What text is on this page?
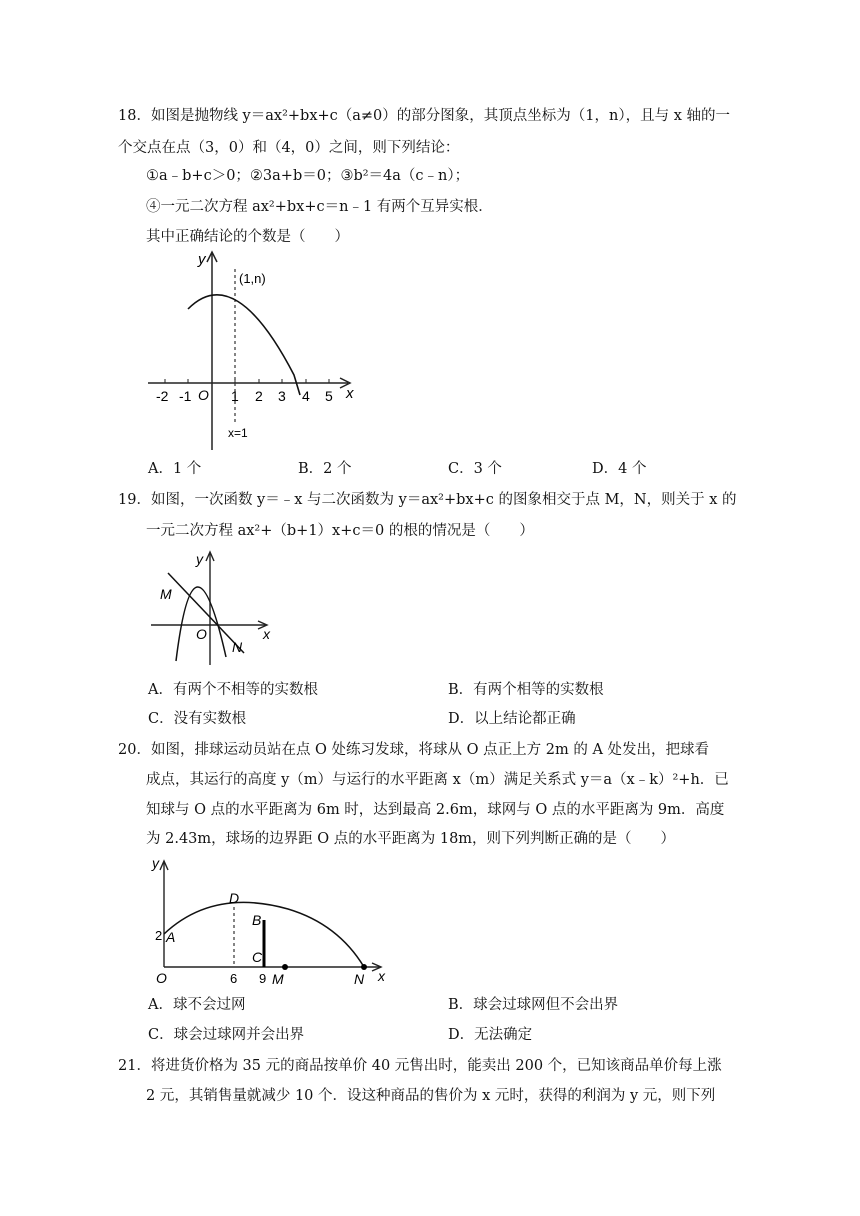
18．如图是抛物线 y＝ax²+bx+c（a≠0）的部分图象，其顶点坐标为（1，n），且与 x 轴的一
个交点在点（3，0）和（4，0）之间，则下列结论：
①a﹣b+c＞0；②3a+b＝0；③b²＝4a（c﹣n）；
④一元二次方程 ax²+bx+c＝n﹣1 有两个互异实根．
其中正确结论的个数是（　　）
y
x
O
(1,n)
x=1
-2 -1	1 2 3 4 5
A．1 个	B．2 个	C．3 个	D．4 个
19．如图，一次函数 y＝﹣x 与二次函数为 y＝ax²+bx+c 的图象相交于点 M，N，则关于 x 的
一元二次方程 ax²+（b+1）x+c＝0 的根的情况是（　　）
y
x
O
M
N
A．有两个不相等的实数根	B．有两个相等的实数根
C．没有实数根	D．以上结论都正确
20．如图，排球运动员站在点 O 处练习发球，将球从 O 点正上方 2m 的 A 处发出，把球看
成点，其运行的高度 y（m）与运行的水平距离 x（m）满足关系式 y＝a（x﹣k）²+h．已
知球与 O 点的水平距离为 6m 时，达到最高 2.6m，球网与 O 点的水平距离为 9m．高度
为 2.43m，球场的边界距 O 点的水平距离为 18m，则下列判断正确的是（　　）
y
x
O
2 A
D
B
C
6 9 M	N
A．球不会过网	B．球会过球网但不会出界
C．球会过球网并会出界	D．无法确定
21．将进货价格为 35 元的商品按单价 40 元售出时，能卖出 200 个，已知该商品单价每上涨
2 元，其销售量就减少 10 个．设这种商品的售价为 x 元时，获得的利润为 y 元，则下列
